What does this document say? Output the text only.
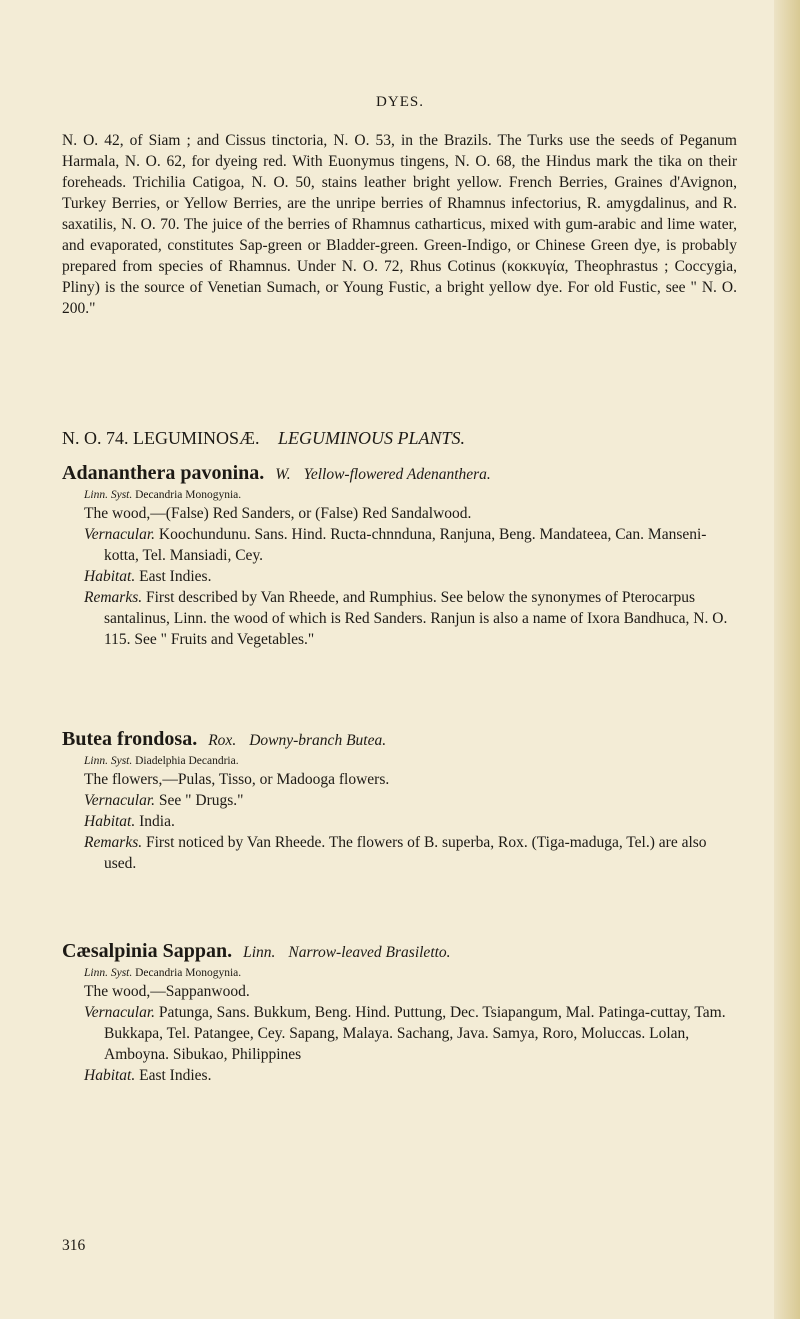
DYES.

N. O. 42, of Siam ; and Cissus tinctoria, N. O. 53, in the Brazils. The Turks use the seeds of Peganum Harmala, N. O. 62, for dyeing red. With Euonymus tingens, N. O. 68, the Hindus mark the tika on their foreheads. Trichilia Catigoa, N. O. 50, stains leather bright yellow. French Berries, Graines d'Avignon, Turkey Berries, or Yellow Berries, are the unripe berries of Rhamnus infectorius, R. amygdalinus, and R. saxatilis, N. O. 70. The juice of the berries of Rhamnus catharticus, mixed with gum-arabic and lime water, and evaporated, constitutes Sap-green or Bladder-green. Green-Indigo, or Chinese Green dye, is probably prepared from species of Rhamnus. Under N. O. 72, Rhus Cotinus (κοκκυγία, Theophrastus ; Coccygia, Pliny) is the source of Venetian Sumach, or Young Fustic, a bright yellow dye. For old Fustic, see " N. O. 200."

N. O. 74. LEGUMINOSÆ. LEGUMINOUS PLANTS.
Adananthera pavonina. W. Yellow-flowered Adenanthera.
Linn. Syst. Decandria Monogynia.
The wood,—(False) Red Sanders, or (False) Red Sandalwood.
Vernacular. Koochundunu. Sans. Hind. Ructa-chnnduna, Ranjuna, Beng. Mandateea, Can. Manseni-kotta, Tel. Mansiadi, Cey.
Habitat. East Indies.
Remarks. First described by Van Rheede, and Rumphius. See below the synonymes of Pterocarpus santalinus, Linn. the wood of which is Red Sanders. Ranjun is also a name of Ixora Bandhuca, N. O. 115. See " Fruits and Vegetables."
Butea frondosa. Rox. Downy-branch Butea.
Linn. Syst. Diadelphia Decandria.
The flowers,—Pulas, Tisso, or Madooga flowers.
Vernacular. See " Drugs."
Habitat. India.
Remarks. First noticed by Van Rheede. The flowers of B. superba, Rox. (Tiga-maduga, Tel.) are also used.
Cæsalpinia Sappan. Linn. Narrow-leaved Brasiletto.
Linn. Syst. Decandria Monogynia.
The wood,—Sappanwood.
Vernacular. Patunga, Sans. Bukkum, Beng. Hind. Puttung, Dec. Tsiapangum, Mal. Patinga-cuttay, Tam. Bukkapa, Tel. Patangee, Cey. Sapang, Malaya. Sachang, Java. Samya, Roro, Moluccas. Lolan, Amboyna. Sibukao, Philippines
Habitat. East Indies.
316
